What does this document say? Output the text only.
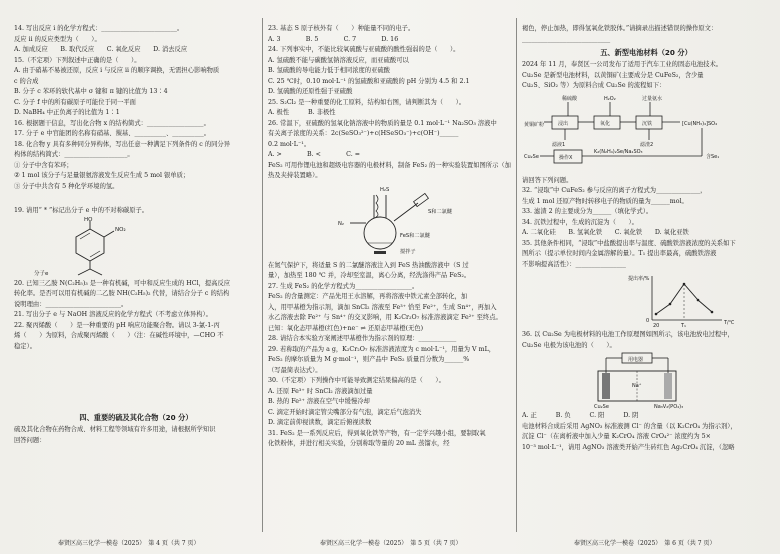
14. 写出反应 i 的化学方程式：________________________。
反应 ii 的反应类型为（　　）。
A. 加成反应　　B. 取代反应　　C. 氧化反应　　D. 消去反应
15.（不定项）下列叙述中正确的是（　　）。
A. 由于硝基不易被还原，反应 i 与反应 ii 的顺序调换，无需担心影响物质
c 的合成
B. 分子 c 苯环的软代基中 σ 键和 π 键的比值为 13∶4
C. 分子 f 中的所有碳原子可能位于同一平面
D. NaBH₄ 中正负离子的比值为 1∶1
16. 根据题干信息，写出化合物 x 的结构简式：__________________。
17. 分子 e 中官能团的名称有硝基、羰基、__________、__________。
18. 化合物 y 具有多种同分异构体，写出任意一种满足下列条件的 c 的同分异
构体的结构简式：____________________。
① 分子中含有苯环；
② 1 mol 该分子与足量银氨溶液发生反应生成 5 mol 银单质；
③ 分子中共含有 5 种化学环境的氢。
19. 请用“ * ”标记出分子 e 中的不对称碳原子。
HO
NO₂
分子e
20. 已知三乙胺 N(C₂H₅)₃ 是一种有机碱，可中和反应生成的 HCl，提高反应
转化率。是否可以用有机碱的二乙胺 NH(C₂H₅)₂ 代替，请结合分子 c 的结构
说明理由：________________________。
21. 写出分子 e 与 NaOH 溶液反应的化学方程式（不考虑立体异构）。
22. 聚丙烯酸（　　）是一种重要的 pH 响应功能聚合物。请以 3-氯-1-丙
烯（　　）为原料，合成聚丙烯酸（　　）（注：在碱性环境中，—CHO 不
稳定）。
四、重要的硫及其化合物（20 分）
硫及其化合物在药物合成、材料工程等领域有许多用途，请根据所学知识
回答问题：
23. 基态 S 原子核外有（　　）种能量不同的电子。
A. 3　　　　B. 5　　　　C. 7　　　　D. 16
24. 下列事实中，不能比较氧硫酸与亚硫酸的酸性强弱的是（　　）。
A. 氢硫酸不能与碳酸氢钠溶液反应，而亚硫酸可以
B. 氢硫酸的导电能力低于相同浓度的亚硫酸
C. 25 ℃时，0.10 mol·L⁻¹ 的氢硫酸和亚硫酸的 pH 分别为 4.5 和 2.1
D. 氢硫酸的还原性强于亚硫酸
25. S₂Cl₂ 是一种重要的化工原料，结构如右图，请判断其为（　　）。
A. 极性　　　B. 非极性
26. 常温下，亚硫酸的氢氧化钠溶液中的物质的量是 0.1 mol·L⁻¹ Na₂SO₃ 溶液中
有关离子浓度的关系：2c(SeSO₃²⁻)+c(HSeSO₃⁻)+c(OH⁻)______
0.2 mol·L⁻¹。
A. >　　　　B. <　　　　C. =
FeS₂ 可用作锂电池和超级电容器的电极材料，制备 FeS₂ 的一种实验装置如图所示（加热及夹持装置略）。
H₂S
N₂
S和二氯醚
FeS和二氯醚
搅拌子
在氮气保护下，将适量 S 的二氯醚溶液注入到 FeS 热油酸溶液中（S 过
量），加热至 180 ℃ 并，冷却至室温，离心分离，经洗涤得产品 FeS₂。
27. 生成 FeS₂ 的化学方程式为__________________。
FeS₂ 的含量测定：产品先用王水溶解，再将溶液中铁元素全部转化，加
入，用甲基橙为指示剂，滴加 SnCl₂ 溶液至 Fe³⁺ 恰至 Fe²⁺，生成 Sn⁴⁺，再加入
水乙溶液去除 Fe²⁺ 与 Sn⁴⁺ 的交叉影响，用 K₂Cr₂O₇ 标准溶液滴定 Fe²⁺ 至终点。
已知：氧化态甲基橙(红色)+ne⁻ ⇌ 还原态甲基橙(无色)
28. 请结合本实验方案阐述甲基橙作为指示剂的原理：____________
29. 若称取的产品为 a g，K₂Cr₂O₇ 标准溶液浓度为 c mol·L⁻¹，用量为 V mL，
FeS₂ 的摩尔质量为 M g·mol⁻¹，则产品中 FeS₂ 质量百分数为______%
（写最简表达式）。
30.（不定项）下列操作中可能导致测定结果偏高的是（　　）。
A. 还原 Fe³⁺ 时 SnCl₂ 溶液滴加过量
B. 热的 Fe²⁺ 溶液在空气中缓慢冷却
C. 滴定开始时滴定管尖嘴部分有气泡，滴定后气泡消失
D. 滴定前仰视读数，滴定后俯视读数
31. FeS₂ 是一系列反应后，得到氧化铁等产物，有一定学兴趣小组，要制取氧
化铁粉体，并进行相关实验，分别称取等量的 20 mL 蒸馏水，经
褐色，停止加热，即得氢氧化铁胶体。”请摘录出描述错误的操作原文：
____________________________
五、新型电池材料（20 分）
2024 年 11 月，奉贤区一公司发布了适用于汽车工业的固态电池技术。
Cu₂Se 是新型电池材料，以黄铜矿(主要成分是 CuFeS₂，含少量
Cu₂S、SiO₂ 等）为原料合成 Cu₂Se 的流程如下：
黄铜矿粉
稀硫酸	H₂O₂	过量氨水
浸出	氧化	沉铁	[Cu(NH₃)₄]SO₄
滤液1	滤渣2
Cu₂Se	操作X
K₂(N₂H₄)₂Se/Na₂SO₃
含Se₁
请回答下列问题。
32. “浸取”中 CuFeS₂ 参与反应的离子方程式为______________，
生成 1 mol 还原产物时转移电子的物质的量为______mol。
33. 滤渣 2 的主要成分为______（填化学式）。
34. 沉铁过程中，生成的沉淀为（　　）。
A. 二氧化硅　　B. 氢氧化铁　　C. 氧化铁　　D. 氧化亚铁
35. 其他条件相同，“浸取”中盐酸提出率与温度、硫酸铁溶液浓度的关系如下
图所示（提示单位时间内金属溶解的量）。T₁ 提出率最高，硫酸铁溶液
不影响提高活性）：________________
提出率/%
T/℃
T₁
20
0
36. 以 Cu₂Se 为电极材料的电池工作原理图如图所示，该电池放电过程中，
Cu₂Se 电极为该电池的（　　）。
用电器
Cu₂Se	Na₃V₂(PO₄)₃
Na⁺
A. 正　　　B. 负　　　C. 阳　　　D. 阴
电池材料合成后采用 AgNO₃ 标准液测 Cl⁻ 的含量（以 K₂CrO₄ 为指示剂），
沉淀 Cl⁻（在离析液中加入少量 K₂CrO₄ 溶液 CrO₄²⁻ 浓度约为 5×
10⁻³ mol·L⁻¹，请用 AgNO₃ 溶液类开始产生砖红色 Ag₂CrO₄ 沉淀，（忽略
奉贤区高三化学一模卷（2025）　第 4 页（共 7 页）	奉贤区高三化学一模卷（2025）　第 5 页（共 7 页）	奉贤区高三化学一模卷（2025）　第 6 页（共 7 页）
